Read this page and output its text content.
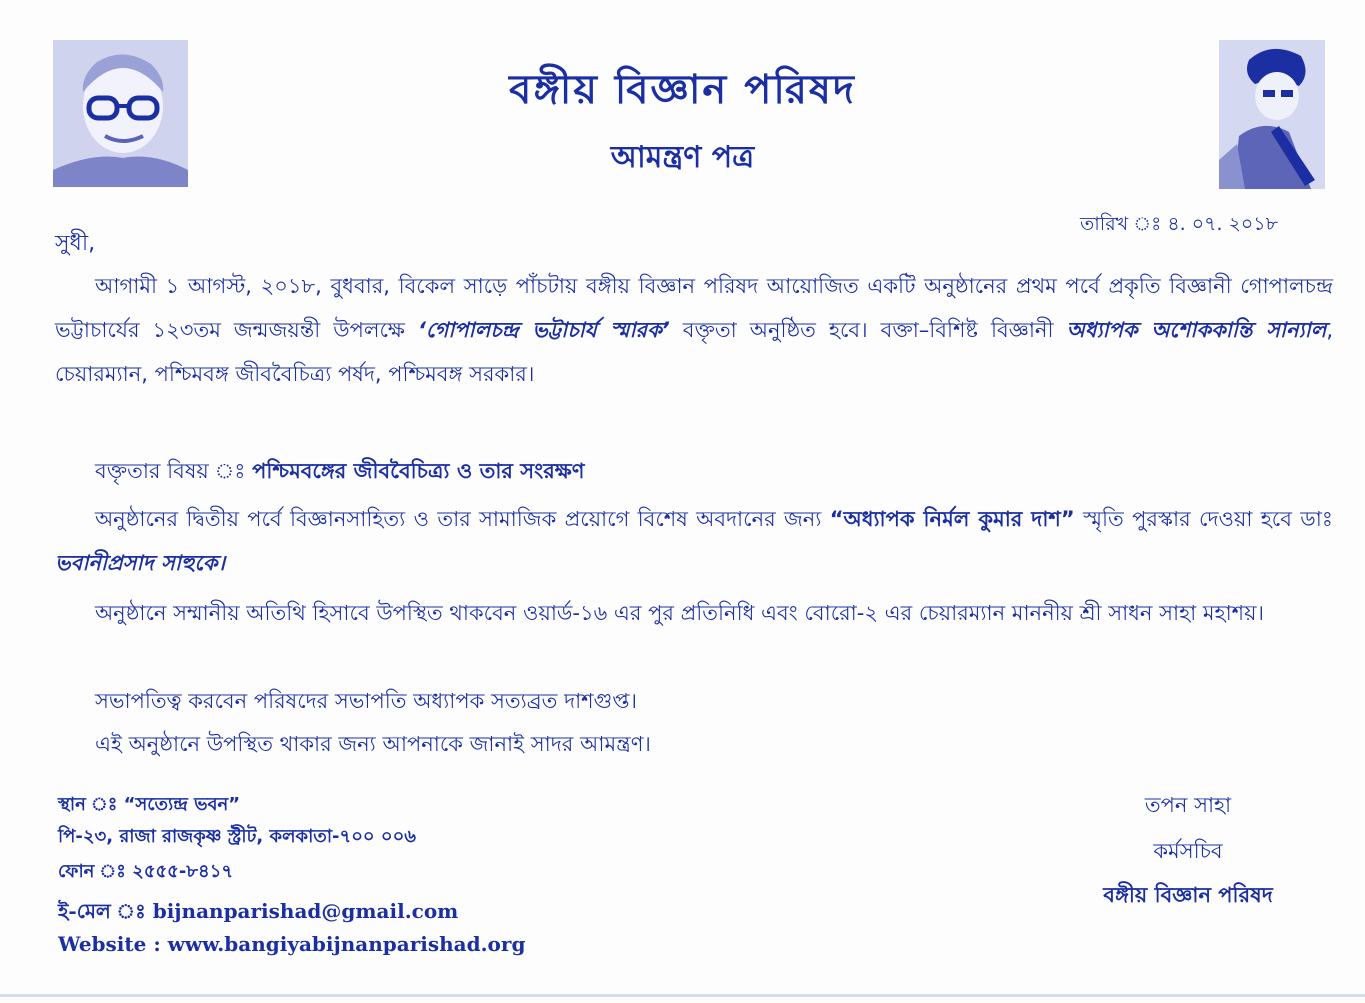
বঙ্গীয় বিজ্ঞান পরিষদ
আমন্ত্রণ পত্র
তারিখ ঃ ৪. ০৭. ২০১৮
সুধী,

আগামী ১ আগস্ট, ২০১৮, বুধবার, বিকেল সাড়ে পাঁচটায় বঙ্গীয় বিজ্ঞান পরিষদ আয়োজিত একটি অনুষ্ঠানের প্রথম পর্বে প্রকৃতি বিজ্ঞানী গোপালচন্দ্র ভট্টাচার্যের ১২৩তম জন্মজয়ন্তী উপলক্ষে ‘গোপালচন্দ্র ভট্টাচার্য স্মারক’ বক্তৃতা অনুষ্ঠিত হবে। বক্তা–বিশিষ্ট বিজ্ঞানী অধ্যাপক অশোককান্তি সান্যাল, চেয়ারম্যান, পশ্চিমবঙ্গ জীববৈচিত্র্য পর্ষদ, পশ্চিমবঙ্গ সরকার।

বক্তৃতার বিষয় ঃ পশ্চিমবঙ্গের জীববৈচিত্র্য ও তার সংরক্ষণ

অনুষ্ঠানের দ্বিতীয় পর্বে বিজ্ঞানসাহিত্য ও তার সামাজিক প্রয়োগে বিশেষ অবদানের জন্য “অধ্যাপক নির্মল কুমার দাশ” স্মৃতি পুরস্কার দেওয়া হবে ডাঃ ভবানীপ্রসাদ সাহুকে।

অনুষ্ঠানে সম্মানীয় অতিথি হিসাবে উপস্থিত থাকবেন ওয়ার্ড-১৬ এর পুর প্রতিনিধি এবং বোরো-২ এর চেয়ারম্যান মাননীয় শ্রী সাধন সাহা মহাশয়।

সভাপতিত্ব করবেন পরিষদের সভাপতি অধ্যাপক সত্যব্রত দাশগুপ্ত।

এই অনুষ্ঠানে উপস্থিত থাকার জন্য আপনাকে জানাই সাদর আমন্ত্রণ।

স্থান ঃ “সত্যেন্দ্র ভবন”
পি-২৩, রাজা রাজকৃষ্ণ স্ট্রীট, কলকাতা-৭০০ ০০৬
ফোন ঃ ২৫৫৫-৮৪১৭
ই-মেল ঃ bijnanparishad@gmail.com
Website : www.bangiyabijnanparishad.org
তপন সাহা
কর্মসচিব
বঙ্গীয় বিজ্ঞান পরিষদ
